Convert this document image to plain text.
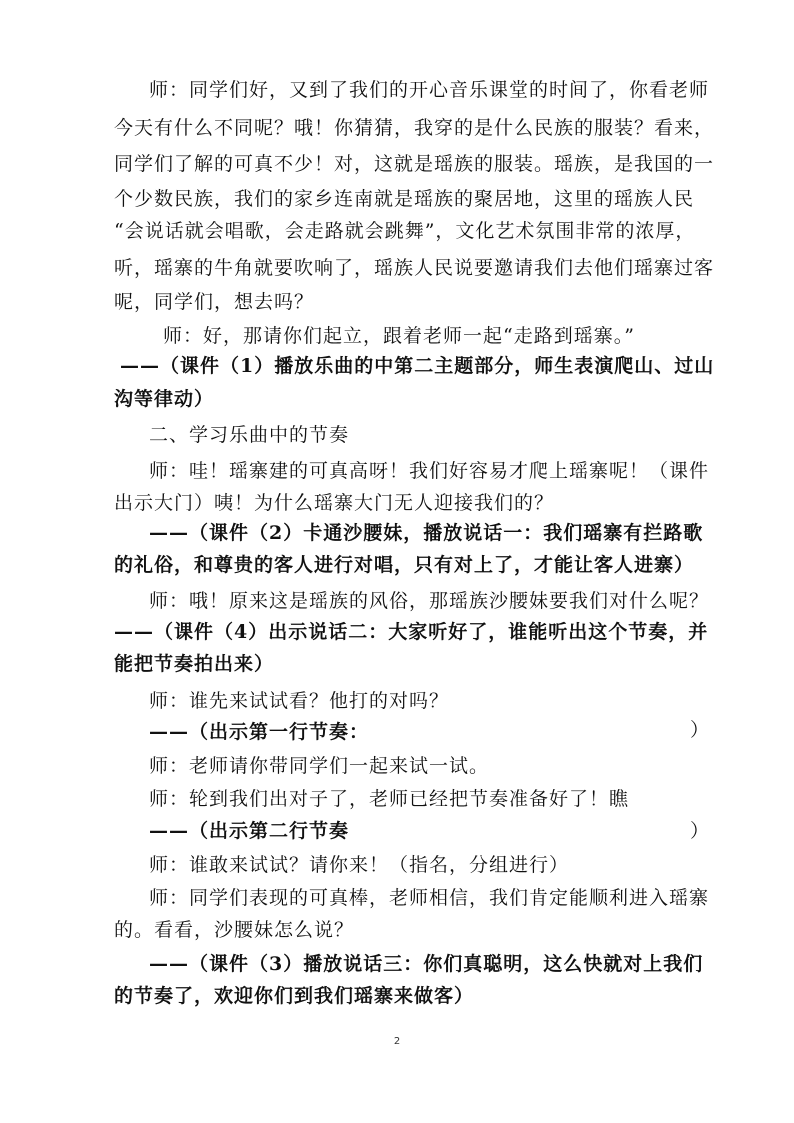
师：同学们好，又到了我们的开心音乐课堂的时间了，你看老师
今天有什么不同呢？哦！你猜猜，我穿的是什么民族的服装？看来，
同学们了解的可真不少！对，这就是瑶族的服装。瑶族，是我国的一
个少数民族，我们的家乡连南就是瑶族的聚居地，这里的瑶族人民
“会说话就会唱歌，会走路就会跳舞”，文化艺术氛围非常的浓厚，
听，瑶寨的牛角就要吹响了，瑶族人民说要邀请我们去他们瑶寨过客
呢，同学们，想去吗？
师：好，那请你们起立，跟着老师一起“走路到瑶寨。”
——（课件（1）播放乐曲的中第二主题部分，师生表演爬山、过山
沟等律动）
二、学习乐曲中的节奏
师：哇！瑶寨建的可真高呀！我们好容易才爬上瑶寨呢！（课件
出示大门）咦！为什么瑶寨大门无人迎接我们的？
——（课件（2）卡通沙腰妹，播放说话一：我们瑶寨有拦路歌
的礼俗，和尊贵的客人进行对唱，只有对上了，才能让客人进寨）
师：哦！原来这是瑶族的风俗，那瑶族沙腰妹要我们对什么呢？
——（课件（4）出示说话二：大家听好了，谁能听出这个节奏，并
能把节奏拍出来）
师：谁先来试试看？他打的对吗？
——（出示第一行节奏：	）
师：老师请你带同学们一起来试一试。
师：轮到我们出对子了，老师已经把节奏准备好了！瞧
——（出示第二行节奏	）
师：谁敢来试试？请你来！（指名，分组进行）
师：同学们表现的可真棒，老师相信，我们肯定能顺利进入瑶寨
的。看看，沙腰妹怎么说？
——（课件（3）播放说话三：你们真聪明，这么快就对上我们
的节奏了，欢迎你们到我们瑶寨来做客）
2
